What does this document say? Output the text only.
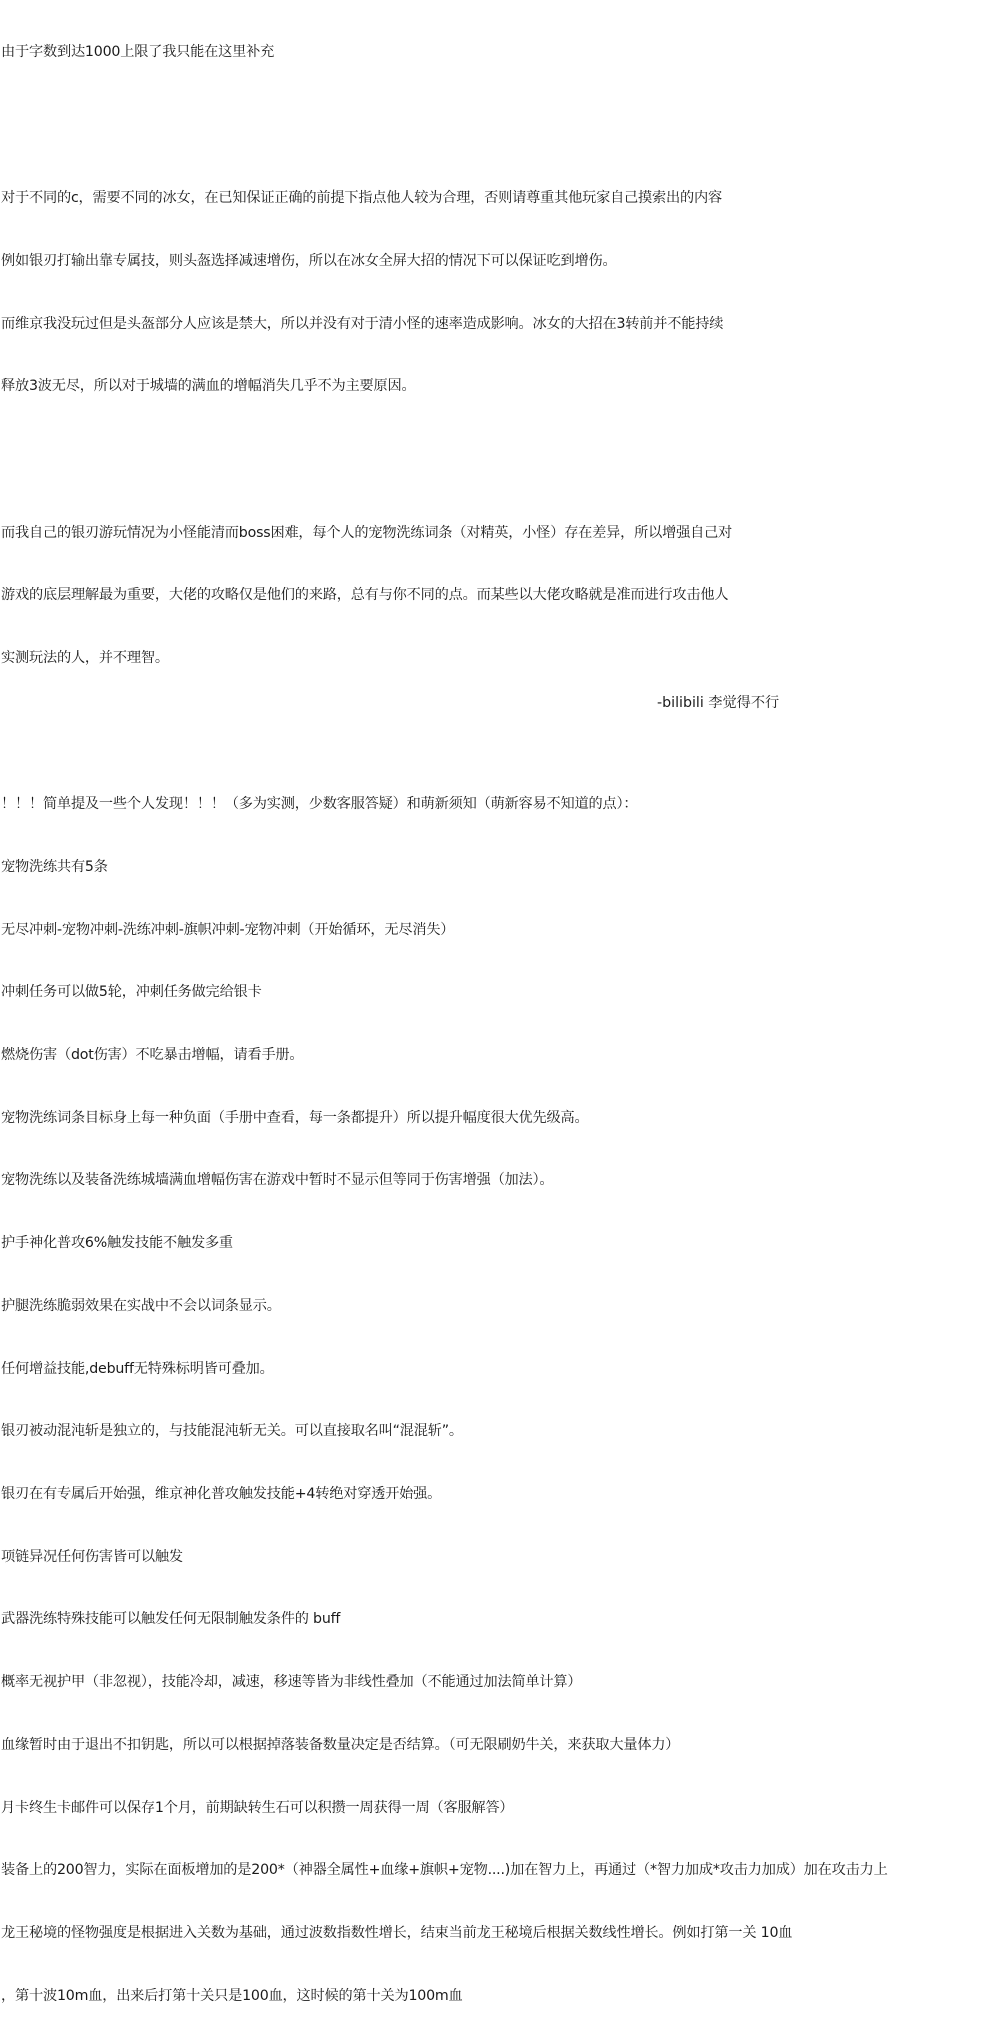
由于字数到达1000上限了我只能在这里补充

对于不同的c，需要不同的冰女，在已知保证正确的前提下指点他人较为合理，否则请尊重其他玩家自己摸索出的内容

例如银刃打输出靠专属技，则头盔选择减速增伤，所以在冰女全屏大招的情况下可以保证吃到增伤。

而维京我没玩过但是头盔部分人应该是禁大，所以并没有对于清小怪的速率造成影响。冰女的大招在3转前并不能持续

释放3波无尽，所以对于城墙的满血的增幅消失几乎不为主要原因。

而我自己的银刃游玩情况为小怪能清而boss困难，每个人的宠物洗练词条（对精英，小怪）存在差异，所以增强自己对

游戏的底层理解最为重要，大佬的攻略仅是他们的来路，总有与你不同的点。而某些以大佬攻略就是准而进行攻击他人

实测玩法的人，并不理智。

！！！简单提及一些个人发现！！！（多为实测，少数客服答疑）和萌新须知（萌新容易不知道的点）：

宠物洗练共有5条

无尽冲刺-宠物冲刺-洗练冲刺-旗帜冲刺-宠物冲刺（开始循环，无尽消失）

冲刺任务可以做5轮，冲刺任务做完给银卡

燃烧伤害（dot伤害）不吃暴击增幅，请看手册。

宠物洗练词条目标身上每一种负面（手册中查看，每一条都提升）所以提升幅度很大优先级高。

宠物洗练以及装备洗练城墙满血增幅伤害在游戏中暂时不显示但等同于伤害增强（加法）。

护手神化普攻6%触发技能不触发多重

护腿洗练脆弱效果在实战中不会以词条显示。

任何增益技能,debuff无特殊标明皆可叠加。

银刃被动混沌斩是独立的，与技能混沌斩无关。可以直接取名叫“混混斩”。

银刃在有专属后开始强，维京神化普攻触发技能+4转绝对穿透开始强。

项链异况任何伤害皆可以触发

武器洗练特殊技能可以触发任何无限制触发条件的 buff

概率无视护甲（非忽视），技能冷却，减速，移速等皆为非线性叠加（不能通过加法简单计算）

血缘暂时由于退出不扣钥匙，所以可以根据掉落装备数量决定是否结算。（可无限刷奶牛关，来获取大量体力）

月卡终生卡邮件可以保存1个月，前期缺转生石可以积攒一周获得一周（客服解答）

装备上的200智力，实际在面板增加的是200*（神器全属性+血缘+旗帜+宠物....)加在智力上，再通过（*智力加成*攻击力加成）加在攻击力上

龙王秘境的怪物强度是根据进入关数为基础，通过波数指数性增长，结束当前龙王秘境后根据关数线性增长。例如打第一关 10血

，第十波10m血，出来后打第十关只是100血，这时候的第十关为100m血

-bilibili 李觉得不行
